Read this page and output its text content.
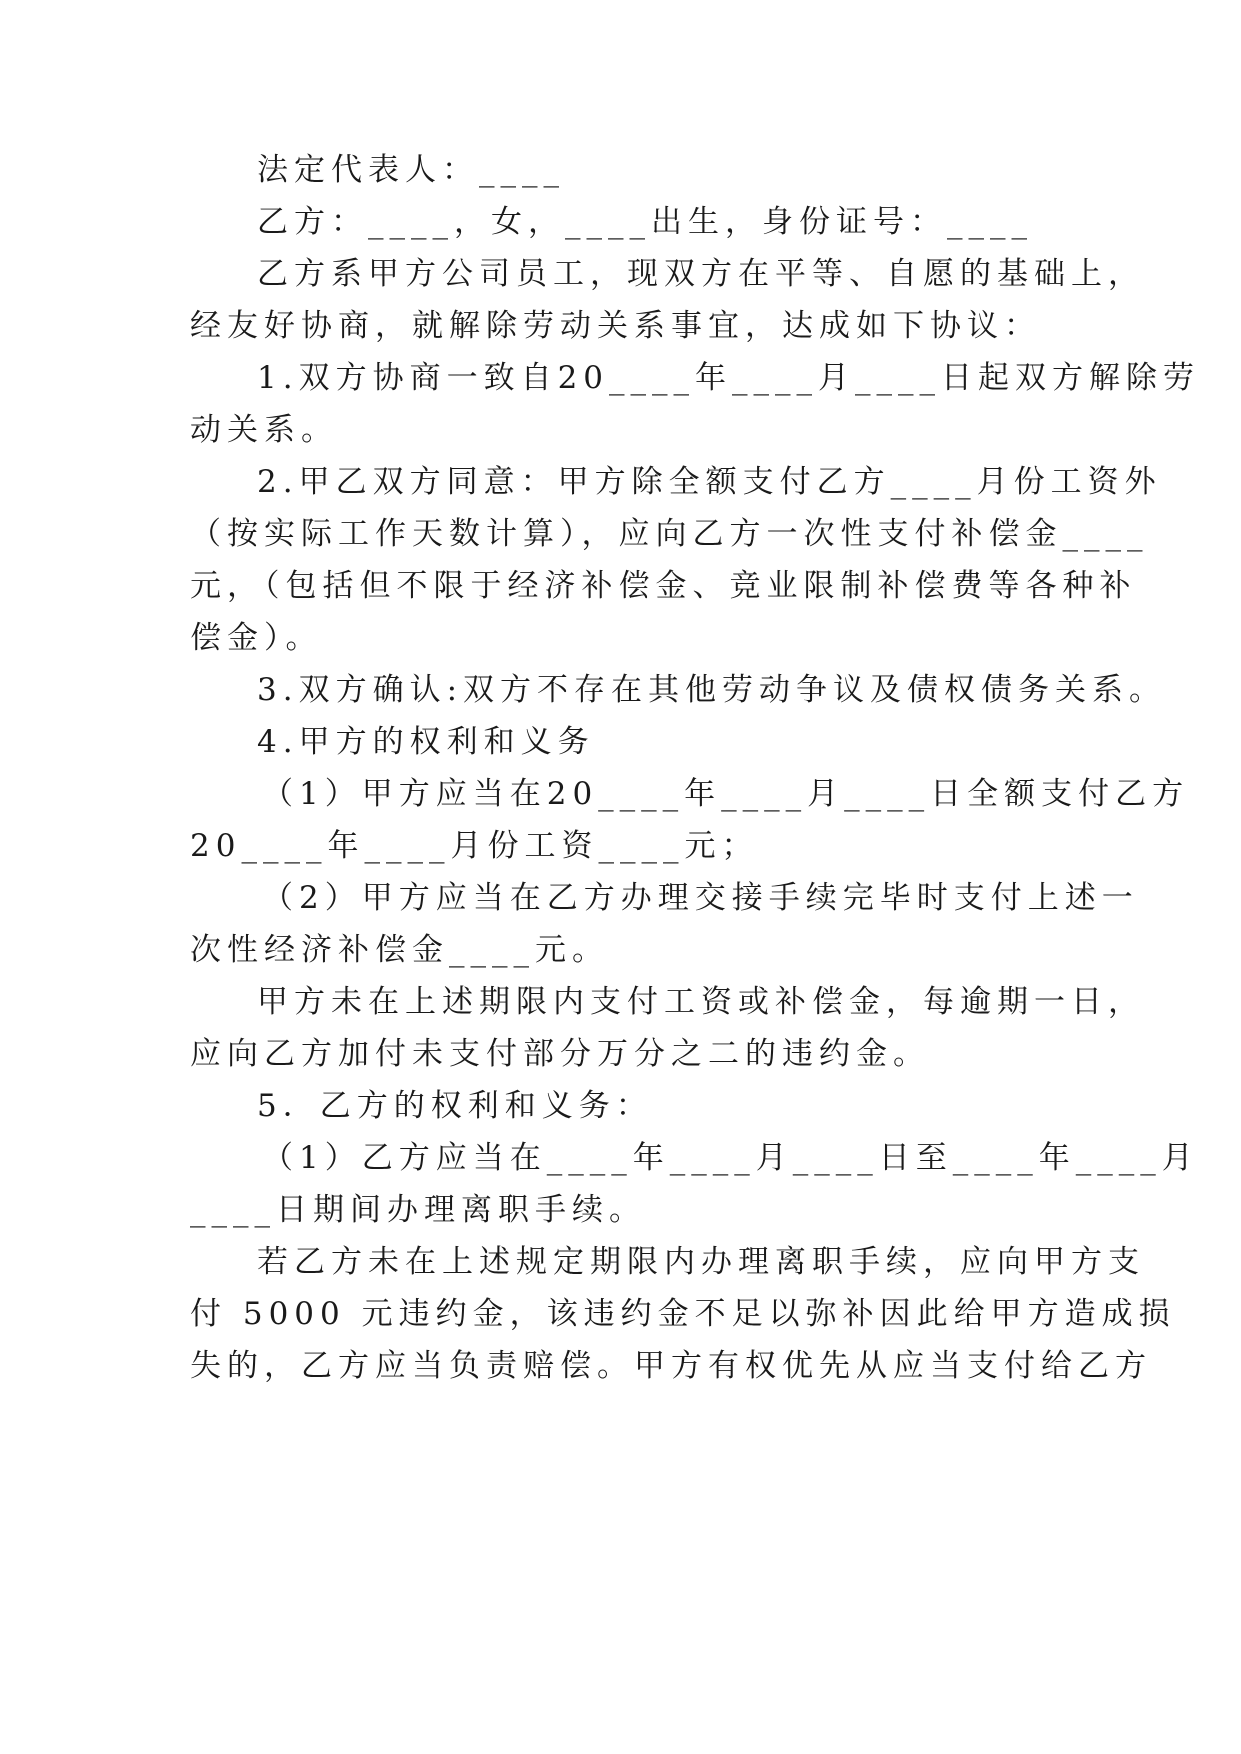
法定代表人：____
乙方：____，女，____出生，身份证号：____
乙方系甲方公司员工，现双方在平等、自愿的基础上，
经友好协商，就解除劳动关系事宜，达成如下协议：
1.双方协商一致自20____年____月____日起双方解除劳
动关系。
2.甲乙双方同意：甲方除全额支付乙方____月份工资外
（按实际工作天数计算），应向乙方一次性支付补偿金____
元，（包括但不限于经济补偿金、竞业限制补偿费等各种补
偿金）。
3.双方确认:双方不存在其他劳动争议及债权债务关系。
4.甲方的权利和义务
（1）甲方应当在20____年____月____日全额支付乙方
20____年____月份工资____元；
（2）甲方应当在乙方办理交接手续完毕时支付上述一
次性经济补偿金____元。
甲方未在上述期限内支付工资或补偿金，每逾期一日，
应向乙方加付未支付部分万分之二的违约金。
5．乙方的权利和义务：
（1）乙方应当在____年____月____日至____年____月
____日期间办理离职手续。
若乙方未在上述规定期限内办理离职手续，应向甲方支
付 5000 元违约金，该违约金不足以弥补因此给甲方造成损
失的，乙方应当负责赔偿。甲方有权优先从应当支付给乙方
